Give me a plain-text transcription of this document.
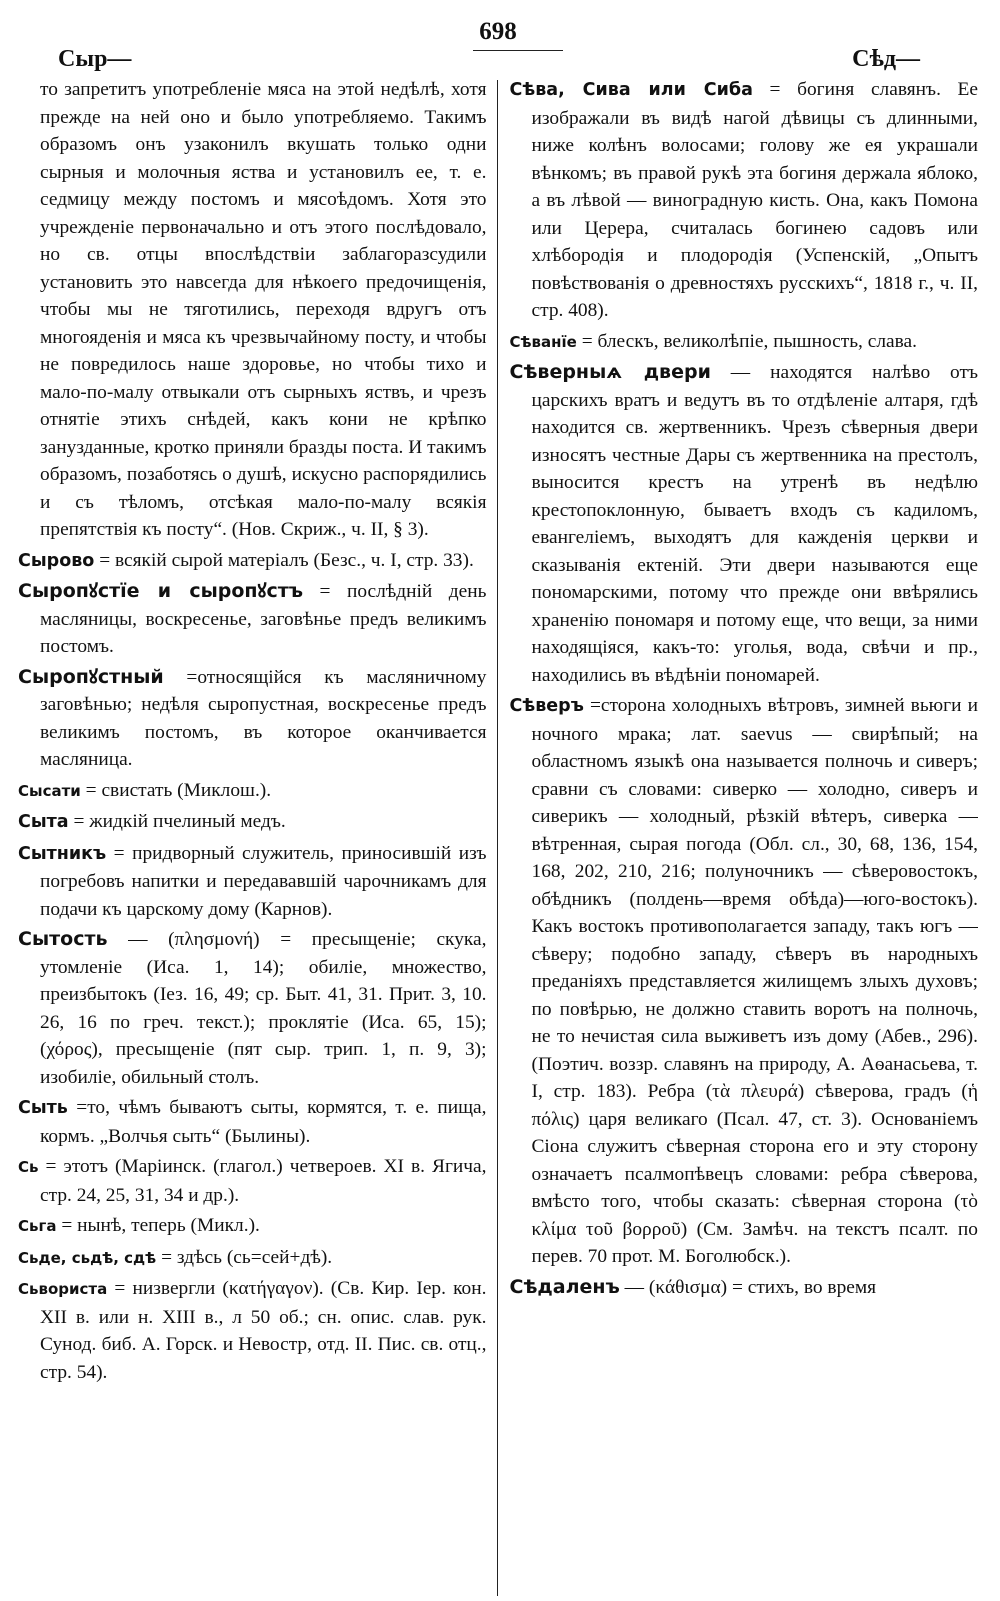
Сыр—
698
Сѣд—

то запретитъ употребленіе мяса на этой недѣлѣ, хотя прежде на ней оно и было употребляемо. Такимъ образомъ онъ узаконилъ вкушать только одни сырныя и молочныя яства и установилъ ее, т. е. седмицу между постомъ и мясоѣдомъ. Хотя это учрежденіе первоначально и отъ этого послѣдовало, но св. отцы впослѣдствіи заблагоразсудили установить это навсегда для нѣкоего предочищенія, чтобы мы не тяготились, переходя вдругъ отъ многояденія и мяса къ чрезвычайному посту, и чтобы не повредилось наше здоровье, но чтобы тихо и мало-по-малу отвыкали отъ сырныхъ яствъ, и чрезъ отнятіе этихъ снѣдей, какъ кони не крѣпко занузданные, кротко приняли бразды поста. И такимъ образомъ, позаботясь о душѣ, искусно распорядились и съ тѣломъ, отсѣкая мало-по-малу всякія препятствія къ посту“. (Нов. Скриж., ч. II, § 3).

Сырово = всякій сырой матеріалъ (Безс., ч. I, стр. 33).

Сыропꙋстїе и сыропꙋстъ = послѣдній день масляницы, воскресенье, заговѣнье предъ великимъ постомъ.

Сыропꙋстный =относящійся къ масляничному заговѣнью; недѣля сыропустная, воскресенье предъ великимъ постомъ, въ которое оканчивается масляница.

Сысати = свистать (Миклош.).

Сыта = жидкій пчелиный медъ.

Сытникъ = придворный служитель, приносившій изъ погребовъ напитки и передававшій чарочникамъ для подачи къ царскому дому (Карнов).

Сытость — (πλησμονή) = пресыщеніе; скука, утомленіе (Иса. 1, 14); обиліе, множество, преизбытокъ (Іез. 16, 49; ср. Быт. 41, 31. Прит. 3, 10. 26, 16 по греч. текст.); проклятіе (Иса. 65, 15); (χόρος), пресыщеніе (пят сыр. трип. 1, п. 9, 3); изобиліе, обильный столъ.

Сыть =то, чѣмъ бываютъ сыты, кормятся, т. е. пища, кормъ. „Волчья сыть“ (Былины).

Сь = этотъ (Маріинск. (глагол.) четвероев. XI в. Ягича, стр. 24, 25, 31, 34 и др.).

Сьга = нынѣ, теперь (Микл.).

Сьде, сьдѣ, сдѣ = здѣсь (сь=сей+дѣ).

Сьвориста = низвергли (κατήγαγον). (Св. Кир. Іер. кон. XII в. или н. XIII в., л 50 об.; сн. опис. слав. рук. Сунод. биб. А. Горск. и Невостр, отд. II. Пис. св. отц., стр. 54).

Сѣва, Сива или Сиба = богиня славянъ. Ее изображали въ видѣ нагой дѣвицы съ длинными, ниже колѣнъ волосами; голову же ея украшали вѣнкомъ; въ правой рукѣ эта богиня держала яблоко, а въ лѣвой — виноградную кисть. Она, какъ Помона или Церера, считалась богинею садовъ или хлѣбородія и плодородія (Успенскій, „Опытъ повѣствованія о древностяхъ русскихъ“, 1818 г., ч. II, стр. 408).

Сѣванїе = блескъ, великолѣпіе, пышность, слава.

Сѣверныѧ двери — находятся налѣво отъ царскихъ вратъ и ведутъ въ то отдѣленіе алтаря, гдѣ находится св. жертвенникъ. Чрезъ сѣверныя двери износятъ честные Дары съ жертвенника на престолъ, выносится крестъ на утренѣ въ недѣлю крестопоклонную, бываетъ входъ съ кадиломъ, евангеліемъ, выходятъ для кажденія церкви и сказыванія ектеній. Эти двери называются еще пономарскими, потому что прежде они ввѣрялись храненію пономаря и потому еще, что вещи, за ними находящіяся, какъ-то: уголья, вода, свѣчи и пр., находились въ вѣдѣніи пономарей.

Сѣверъ =сторона холодныхъ вѣтровъ, зимней вьюги и ночного мрака; лат. saevus — свирѣпый; на областномъ языкѣ она называется полночь и сиверъ; сравни съ словами: сиверко — холодно, сиверъ и сиверикъ — холодный, рѣзкій вѣтеръ, сиверка — вѣтренная, сырая погода (Обл. сл., 30, 68, 136, 154, 168, 202, 210, 216; полуночникъ — сѣверовостокъ, обѣдникъ (полдень—время обѣда)—юго-востокъ). Какъ востокъ противополагается западу, такъ югъ — сѣверу; подобно западу, сѣверъ въ народныхъ преданіяхъ представляется жилищемъ злыхъ духовъ; по повѣрью, не должно ставить воротъ на полночь, не то нечистая сила выживетъ изъ дому (Абев., 296). (Поэтич. воззр. славянъ на природу, А. Аѳанасьева, т. I, стр. 183). Ребра (τὰ πλευρά) сѣверова, градъ (ἡ πόλις) царя великаго (Псал. 47, ст. 3). Основаніемъ Сіона служитъ сѣверная сторона его и эту сторону означаетъ псалмопѣвецъ словами: ребра сѣверова, вмѣсто того, чтобы сказать: сѣверная сторона (τὸ κλίμα τοῦ βορροῦ) (См. Замѣч. на текстъ псалт. по перев. 70 прот. М. Боголюбск.).

Сѣдаленъ — (κάθισμα) = стихъ, во время
